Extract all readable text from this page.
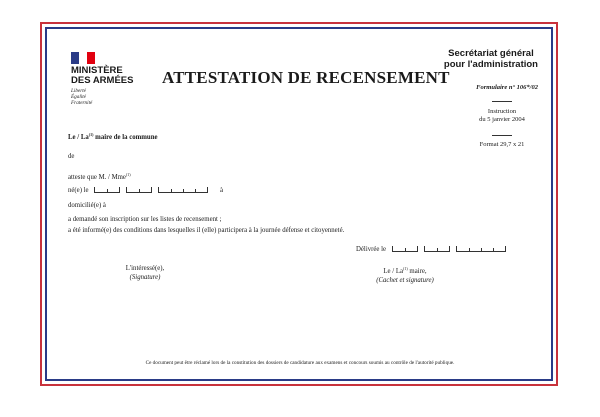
MINISTÈRE
DES ARMÉES
Liberté
Égalité
Fraternité
ATTESTATION DE RECENSEMENT
Secrétariat général
pour l'administration
Formulaire n° 106*/02
Instruction
du 5 janvier 2004
Format 29,7 x 21
Le / La$^{(1)}$ maire de la commune
de
atteste que M. / Mme$^{(1)}$
né(e) le	à
domicilié(e) à
a demandé son inscription sur les listes de recensement ;
a été informé(e) des conditions dans lesquelles il (elle) participera à la journée défense et citoyenneté.
Délivrée le
L'intéressé(e),
(Signature)
Le / La$^{(1)}$ maire,
(Cachet et signature)
Ce document peut être réclamé lors de la constitution des dossiers de candidature aux examens et concours soumis au contrôle de l'autorité publique.
